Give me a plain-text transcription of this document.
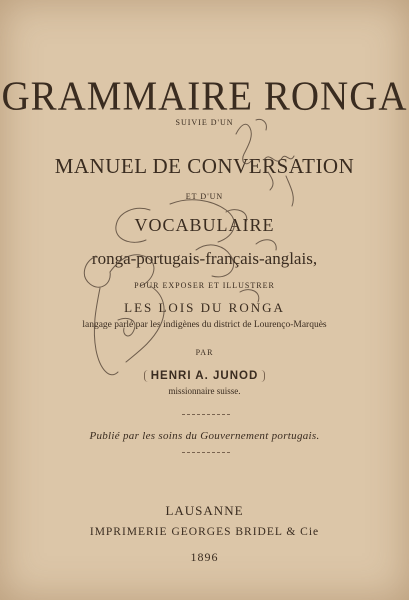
GRAMMAIRE RONGA
SUIVIE D'UN
MANUEL DE CONVERSATION
ET D'UN
VOCABULAIRE
ronga-portugais-français-anglais,
POUR EXPOSER ET ILLUSTRER
LES LOIS DU RONGA
langage parlé par les indigènes du district de Lourenço-Marquès
PAR
HENRI A. JUNOD
missionnaire suisse.
Publié par les soins du Gouvernement portugais.
LAUSANNE
IMPRIMERIE GEORGES BRIDEL & Cie
1896
